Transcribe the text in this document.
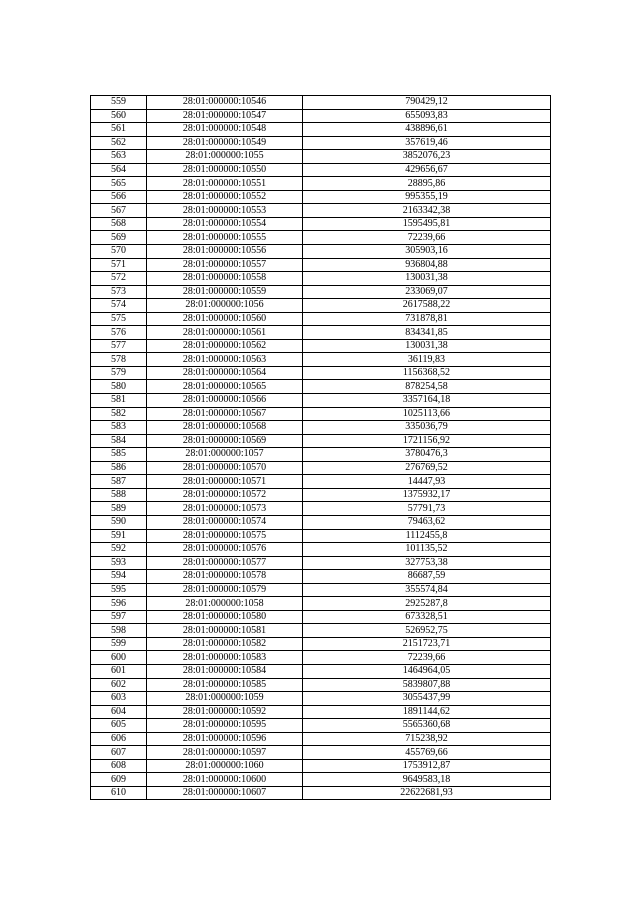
559	28:01:000000:10546	790429,12
560	28:01:000000:10547	655093,83
561	28:01:000000:10548	438896,61
562	28:01:000000:10549	357619,46
563	28:01:000000:1055	3852076,23
564	28:01:000000:10550	429656,67
565	28:01:000000:10551	28895,86
566	28:01:000000:10552	995355,19
567	28:01:000000:10553	2163342,38
568	28:01:000000:10554	1595495,81
569	28:01:000000:10555	72239,66
570	28:01:000000:10556	305903,16
571	28:01:000000:10557	936804,88
572	28:01:000000:10558	130031,38
573	28:01:000000:10559	233069,07
574	28:01:000000:1056	2617588,22
575	28:01:000000:10560	731878,81
576	28:01:000000:10561	834341,85
577	28:01:000000:10562	130031,38
578	28:01:000000:10563	36119,83
579	28:01:000000:10564	1156368,52
580	28:01:000000:10565	878254,58
581	28:01:000000:10566	3357164,18
582	28:01:000000:10567	1025113,66
583	28:01:000000:10568	335036,79
584	28:01:000000:10569	1721156,92
585	28:01:000000:1057	3780476,3
586	28:01:000000:10570	276769,52
587	28:01:000000:10571	14447,93
588	28:01:000000:10572	1375932,17
589	28:01:000000:10573	57791,73
590	28:01:000000:10574	79463,62
591	28:01:000000:10575	1112455,8
592	28:01:000000:10576	101135,52
593	28:01:000000:10577	327753,38
594	28:01:000000:10578	86687,59
595	28:01:000000:10579	355574,84
596	28:01:000000:1058	2925287,8
597	28:01:000000:10580	673328,51
598	28:01:000000:10581	526952,75
599	28:01:000000:10582	2151723,71
600	28:01:000000:10583	72239,66
601	28:01:000000:10584	1464964,05
602	28:01:000000:10585	5839807,88
603	28:01:000000:1059	3055437,99
604	28:01:000000:10592	1891144,62
605	28:01:000000:10595	5565360,68
606	28:01:000000:10596	715238,92
607	28:01:000000:10597	455769,66
608	28:01:000000:1060	1753912,87
609	28:01:000000:10600	9649583,18
610	28:01:000000:10607	22622681,93
